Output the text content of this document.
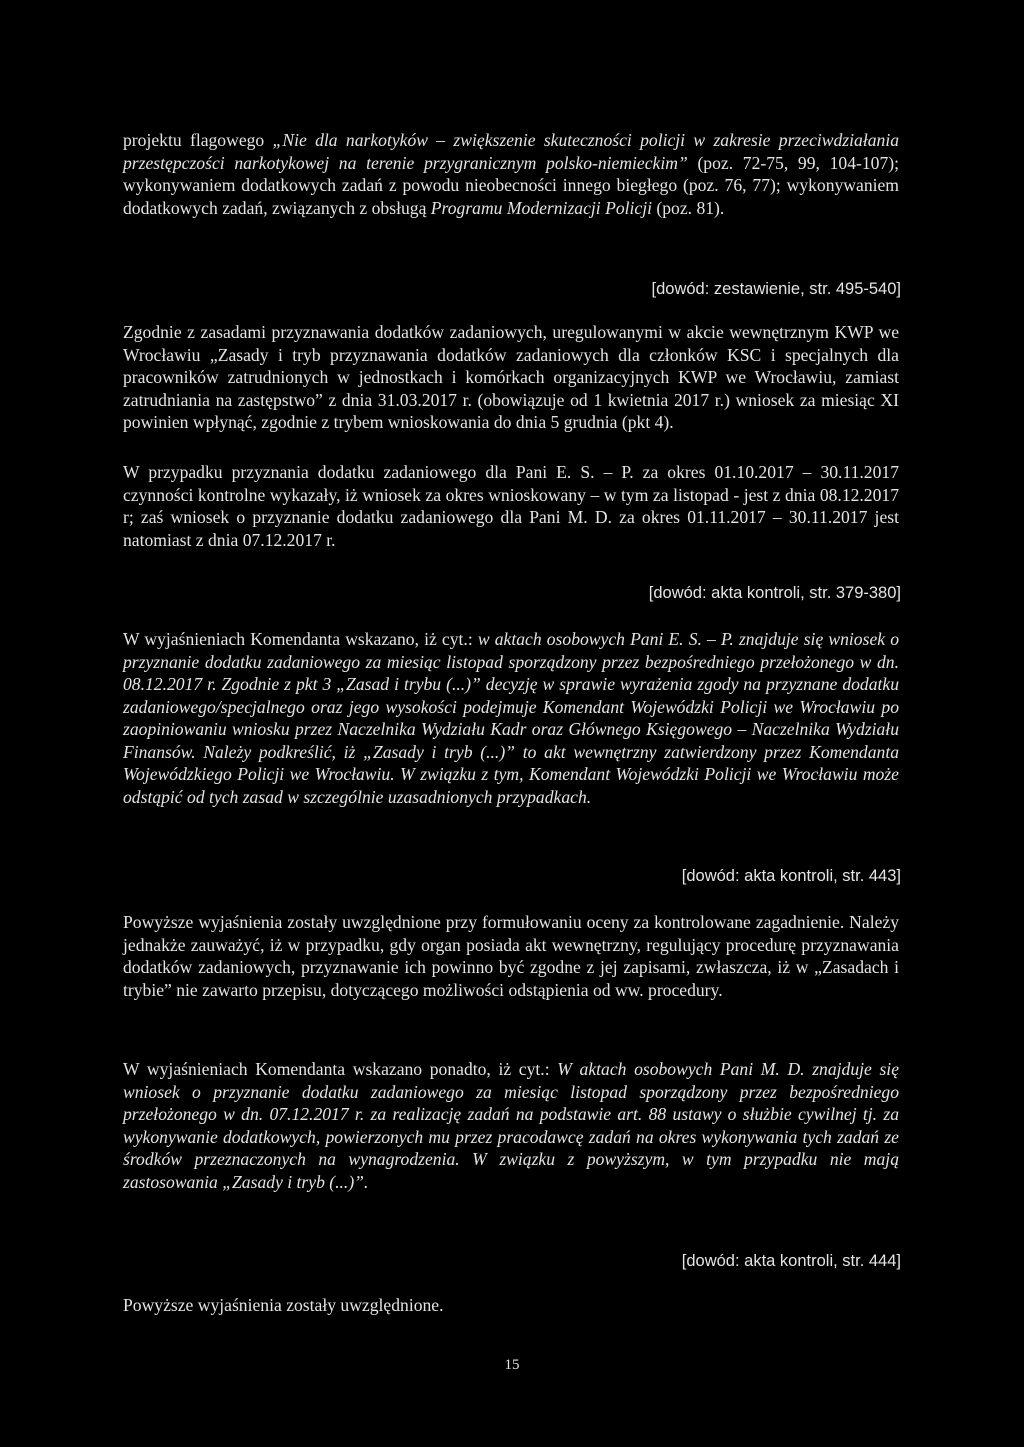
projektu flagowego „Nie dla narkotyków – zwiększenie skuteczności policji w zakresie przeciwdziałania przestępczości narkotykowej na terenie przygranicznym polsko-niemieckim” (poz. 72-75, 99, 104-107); wykonywaniem dodatkowych zadań z powodu nieobecności innego biegłego (poz. 76, 77); wykonywaniem dodatkowych zadań, związanych z obsługą Programu Modernizacji Policji (poz. 81).

[dowód: zestawienie, str. 495-540]

Zgodnie z zasadami przyznawania dodatków zadaniowych, uregulowanymi w akcie wewnętrznym KWP we Wrocławiu „Zasady i tryb przyznawania dodatków zadaniowych dla członków KSC i specjalnych dla pracowników zatrudnionych w jednostkach i komórkach organizacyjnych KWP we Wrocławiu, zamiast zatrudniania na zastępstwo” z dnia 31.03.2017 r. (obowiązuje od 1 kwietnia 2017 r.) wniosek za miesiąc XI powinien wpłynąć, zgodnie z trybem wnioskowania do dnia 5 grudnia (pkt 4).

W przypadku przyznania dodatku zadaniowego dla Pani E. S. – P. za okres 01.10.2017 – 30.11.2017 czynności kontrolne wykazały, iż wniosek za okres wnioskowany – w tym za listopad - jest z dnia 08.12.2017 r; zaś wniosek o przyznanie dodatku zadaniowego dla Pani M. D. za okres 01.11.2017 – 30.11.2017 jest natomiast z dnia 07.12.2017 r.

[dowód: akta kontroli, str. 379-380]

W wyjaśnieniach Komendanta wskazano, iż cyt.: w aktach osobowych Pani E. S. – P. znajduje się wniosek o przyznanie dodatku zadaniowego za miesiąc listopad sporządzony przez bezpośredniego przełożonego w dn. 08.12.2017 r. Zgodnie z pkt 3 „Zasad i trybu (...)” decyzję w sprawie wyrażenia zgody na przyznane dodatku zadaniowego/specjalnego oraz jego wysokości podejmuje Komendant Wojewódzki Policji we Wrocławiu po zaopiniowaniu wniosku przez Naczelnika Wydziału Kadr oraz Głównego Księgowego – Naczelnika Wydziału Finansów. Należy podkreślić, iż „Zasady i tryb (...)” to akt wewnętrzny zatwierdzony przez Komendanta Wojewódzkiego Policji we Wrocławiu. W związku z tym, Komendant Wojewódzki Policji we Wrocławiu może odstąpić od tych zasad w szczególnie uzasadnionych przypadkach.

[dowód: akta kontroli, str. 443]

Powyższe wyjaśnienia zostały uwzględnione przy formułowaniu oceny za kontrolowane zagadnienie. Należy jednakże zauważyć, iż w przypadku, gdy organ posiada akt wewnętrzny, regulujący procedurę przyznawania dodatków zadaniowych, przyznawanie ich powinno być zgodne z jej zapisami, zwłaszcza, iż w „Zasadach i trybie” nie zawarto przepisu, dotyczącego możliwości odstąpienia od ww. procedury.

W wyjaśnieniach Komendanta wskazano ponadto, iż cyt.: W aktach osobowych Pani M. D. znajduje się wniosek o przyznanie dodatku zadaniowego za miesiąc listopad sporządzony przez bezpośredniego przełożonego w dn. 07.12.2017 r. za realizację zadań na podstawie art. 88 ustawy o służbie cywilnej tj. za wykonywanie dodatkowych, powierzonych mu przez pracodawcę zadań na okres wykonywania tych zadań ze środków przeznaczonych na wynagrodzenia. W związku z powyższym, w tym przypadku nie mają zastosowania „Zasady i tryb (...)”.

[dowód: akta kontroli, str. 444]

Powyższe wyjaśnienia zostały uwzględnione.

15
